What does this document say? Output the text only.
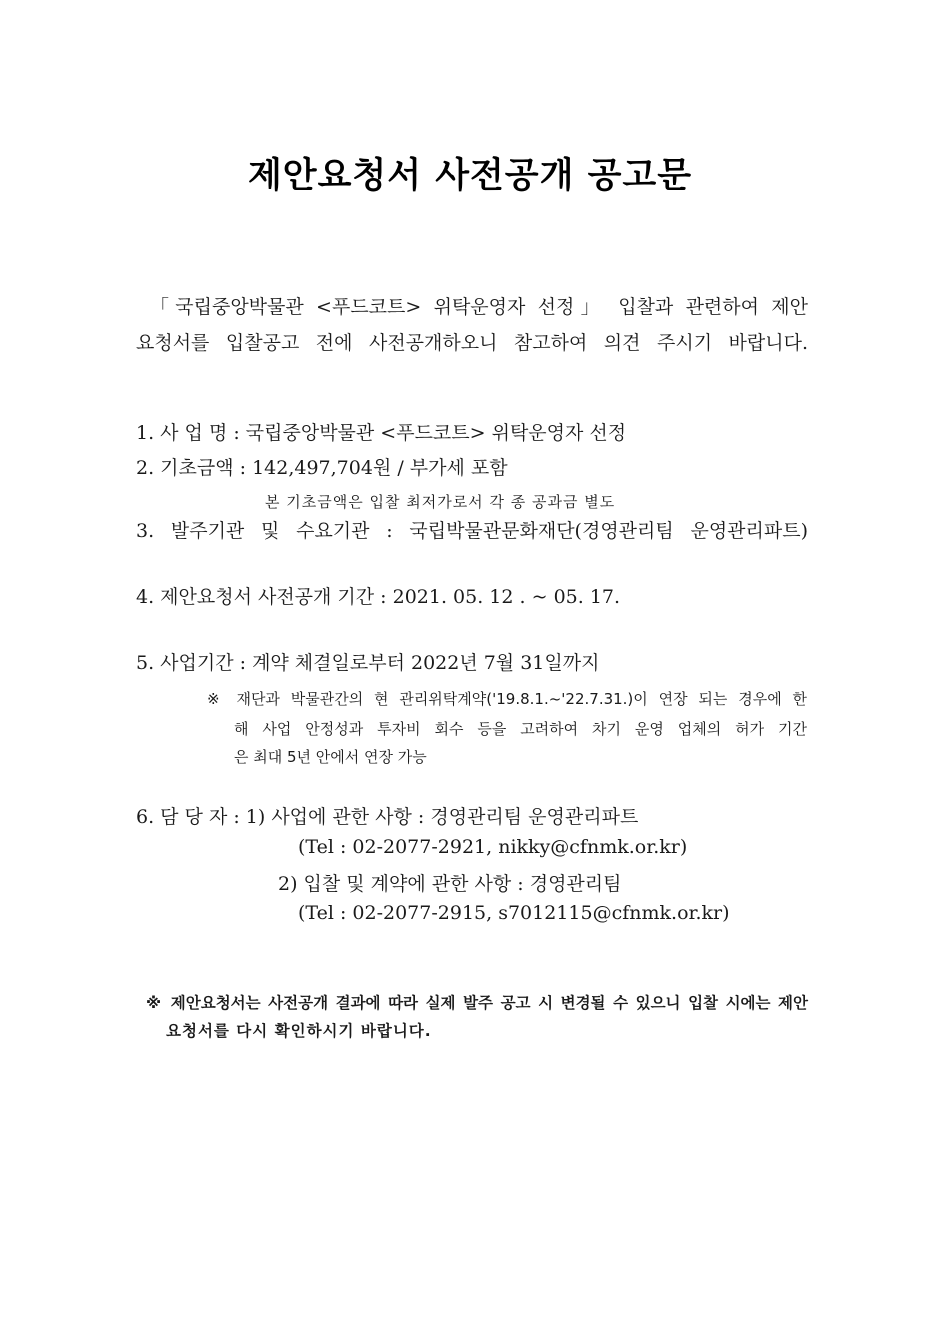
제안요청서 사전공개 공고문
「국립중앙박물관 <푸드코트> 위탁운영자 선정」 입찰과 관련하여 제안
요청서를 입찰공고 전에 사전공개하오니 참고하여 의견 주시기 바랍니다.
1. 사 업 명 : 국립중앙박물관 <푸드코트> 위탁운영자 선정
2. 기초금액 : 142,497,704원 / 부가세 포함
본 기초금액은 입찰 최저가로서 각 종 공과금 별도
3. 발주기관 및 수요기관 : 국립박물관문화재단(경영관리팀 운영관리파트)
4. 제안요청서 사전공개 기간 : 2021. 05. 12 . ~ 05. 17.
5. 사업기간 : 계약 체결일로부터 2022년 7월 31일까지
※ 재단과 박물관간의 현 관리위탁계약('19.8.1.~'22.7.31.)이 연장 되는 경우에 한
해 사업 안정성과 투자비 회수 등을 고려하여 차기 운영 업체의 허가 기간
은 최대 5년 안에서 연장 가능
6. 담 당 자 : 1) 사업에 관한 사항 : 경영관리팀 운영관리파트
(Tel : 02-2077-2921, nikky@cfnmk.or.kr)
2) 입찰 및 계약에 관한 사항 : 경영관리팀
(Tel : 02-2077-2915, s7012115@cfnmk.or.kr)
※ 제안요청서는 사전공개 결과에 따라 실제 발주 공고 시 변경될 수 있으니 입찰 시에는 제안
요청서를 다시 확인하시기 바랍니다.
